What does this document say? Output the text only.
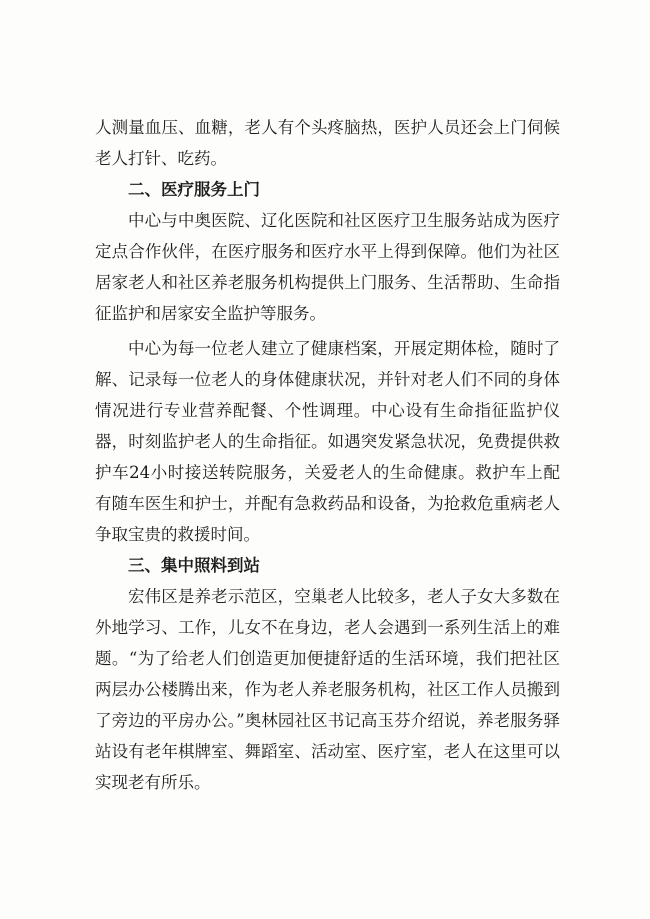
人测量血压、血糖，老人有个头疼脑热，医护人员还会上门伺候老人打针、吃药。

二、医疗服务上门

中心与中奥医院、辽化医院和社区医疗卫生服务站成为医疗定点合作伙伴，在医疗服务和医疗水平上得到保障。他们为社区居家老人和社区养老服务机构提供上门服务、生活帮助、生命指征监护和居家安全监护等服务。

中心为每一位老人建立了健康档案，开展定期体检，随时了解、记录每一位老人的身体健康状况，并针对老人们不同的身体情况进行专业营养配餐、个性调理。中心设有生命指征监护仪器，时刻监护老人的生命指征。如遇突发紧急状况，免费提供救护车24小时接送转院服务，关爱老人的生命健康。救护车上配有随车医生和护士，并配有急救药品和设备，为抢救危重病老人争取宝贵的救援时间。

三、集中照料到站

宏伟区是养老示范区，空巢老人比较多，老人子女大多数在外地学习、工作，儿女不在身边，老人会遇到一系列生活上的难题。“为了给老人们创造更加便捷舒适的生活环境，我们把社区两层办公楼腾出来，作为老人养老服务机构，社区工作人员搬到了旁边的平房办公。”奥林园社区书记高玉芬介绍说，养老服务驿站设有老年棋牌室、舞蹈室、活动室、医疗室，老人在这里可以实现老有所乐。
